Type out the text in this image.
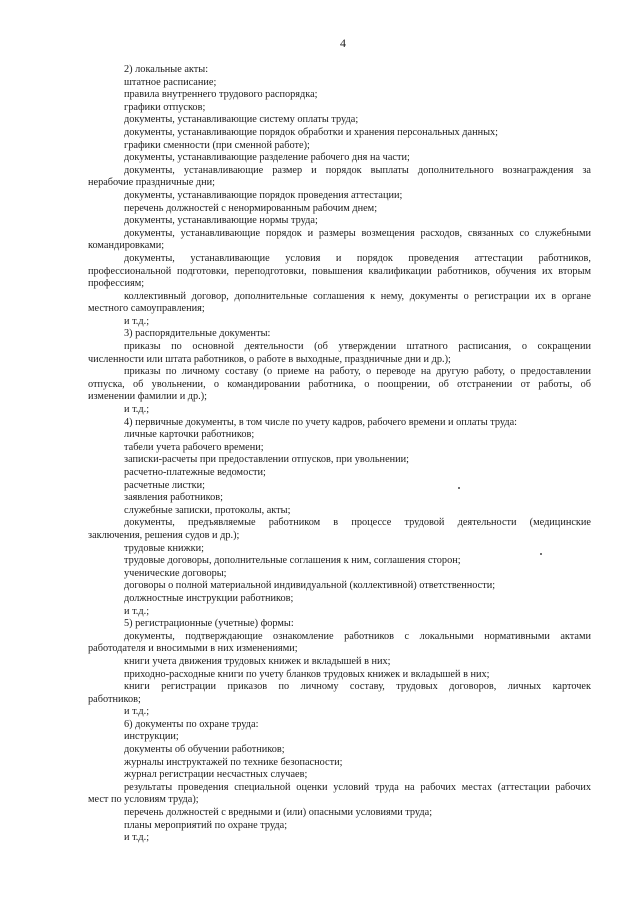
4
2) локальные акты:
штатное расписание;
правила внутреннего трудового распорядка;
графики отпусков;
документы, устанавливающие систему оплаты труда;
документы, устанавливающие порядок обработки и хранения персональных данных;
графики сменности (при сменной работе);
документы, устанавливающие разделение рабочего дня на части;
документы, устанавливающие размер и порядок выплаты дополнительного вознаграждения за
нерабочие праздничные дни;
документы, устанавливающие порядок проведения аттестации;
перечень должностей с ненормированным рабочим днем;
документы, устанавливающие нормы труда;
документы, устанавливающие порядок и размеры возмещения расходов, связанных со служебными
командировками;
документы, устанавливающие условия и порядок проведения аттестации работников,
профессиональной подготовки, переподготовки, повышения квалификации работников, обучения их вторым
профессиям;
коллективный договор, дополнительные соглашения к нему, документы о регистрации их в органе
местного самоуправления;
и т.д.;
3) распорядительные документы:
приказы по основной деятельности (об утверждении штатного расписания, о сокращении
численности или штата работников, о работе в выходные, праздничные дни и др.);
приказы по личному составу (о приеме на работу, о переводе на другую работу, о предоставлении
отпуска, об увольнении, о командировании работника, о поощрении, об отстранении от работы, об
изменении фамилии и др.);
и т.д.;
4) первичные документы, в том числе по учету кадров, рабочего времени и оплаты труда:
личные карточки работников;
табели учета рабочего времени;
записки-расчеты при предоставлении отпусков, при увольнении;
расчетно-платежные ведомости;
расчетные листки;
заявления работников;
служебные записки, протоколы, акты;
документы, предъявляемые работником в процессе трудовой деятельности (медицинские
заключения, решения судов и др.);
трудовые книжки;
трудовые договоры, дополнительные соглашения к ним, соглашения сторон;
ученические договоры;
договоры о полной материальной индивидуальной (коллективной) ответственности;
должностные инструкции работников;
и т.д.;
5) регистрационные (учетные) формы:
документы, подтверждающие ознакомление работников с локальными нормативными актами
работодателя и вносимыми в них изменениями;
книги учета движения трудовых книжек и вкладышей в них;
приходно-расходные книги по учету бланков трудовых книжек и вкладышей в них;
книги регистрации приказов по личному составу, трудовых договоров, личных карточек
работников;
и т.д.;
6) документы по охране труда:
инструкции;
документы об обучении работников;
журналы инструктажей по технике безопасности;
журнал регистрации несчастных случаев;
результаты проведения специальной оценки условий труда на рабочих местах (аттестации рабочих
мест по условиям труда);
перечень должностей с вредными и (или) опасными условиями труда;
планы мероприятий по охране труда;
и т.д.;
